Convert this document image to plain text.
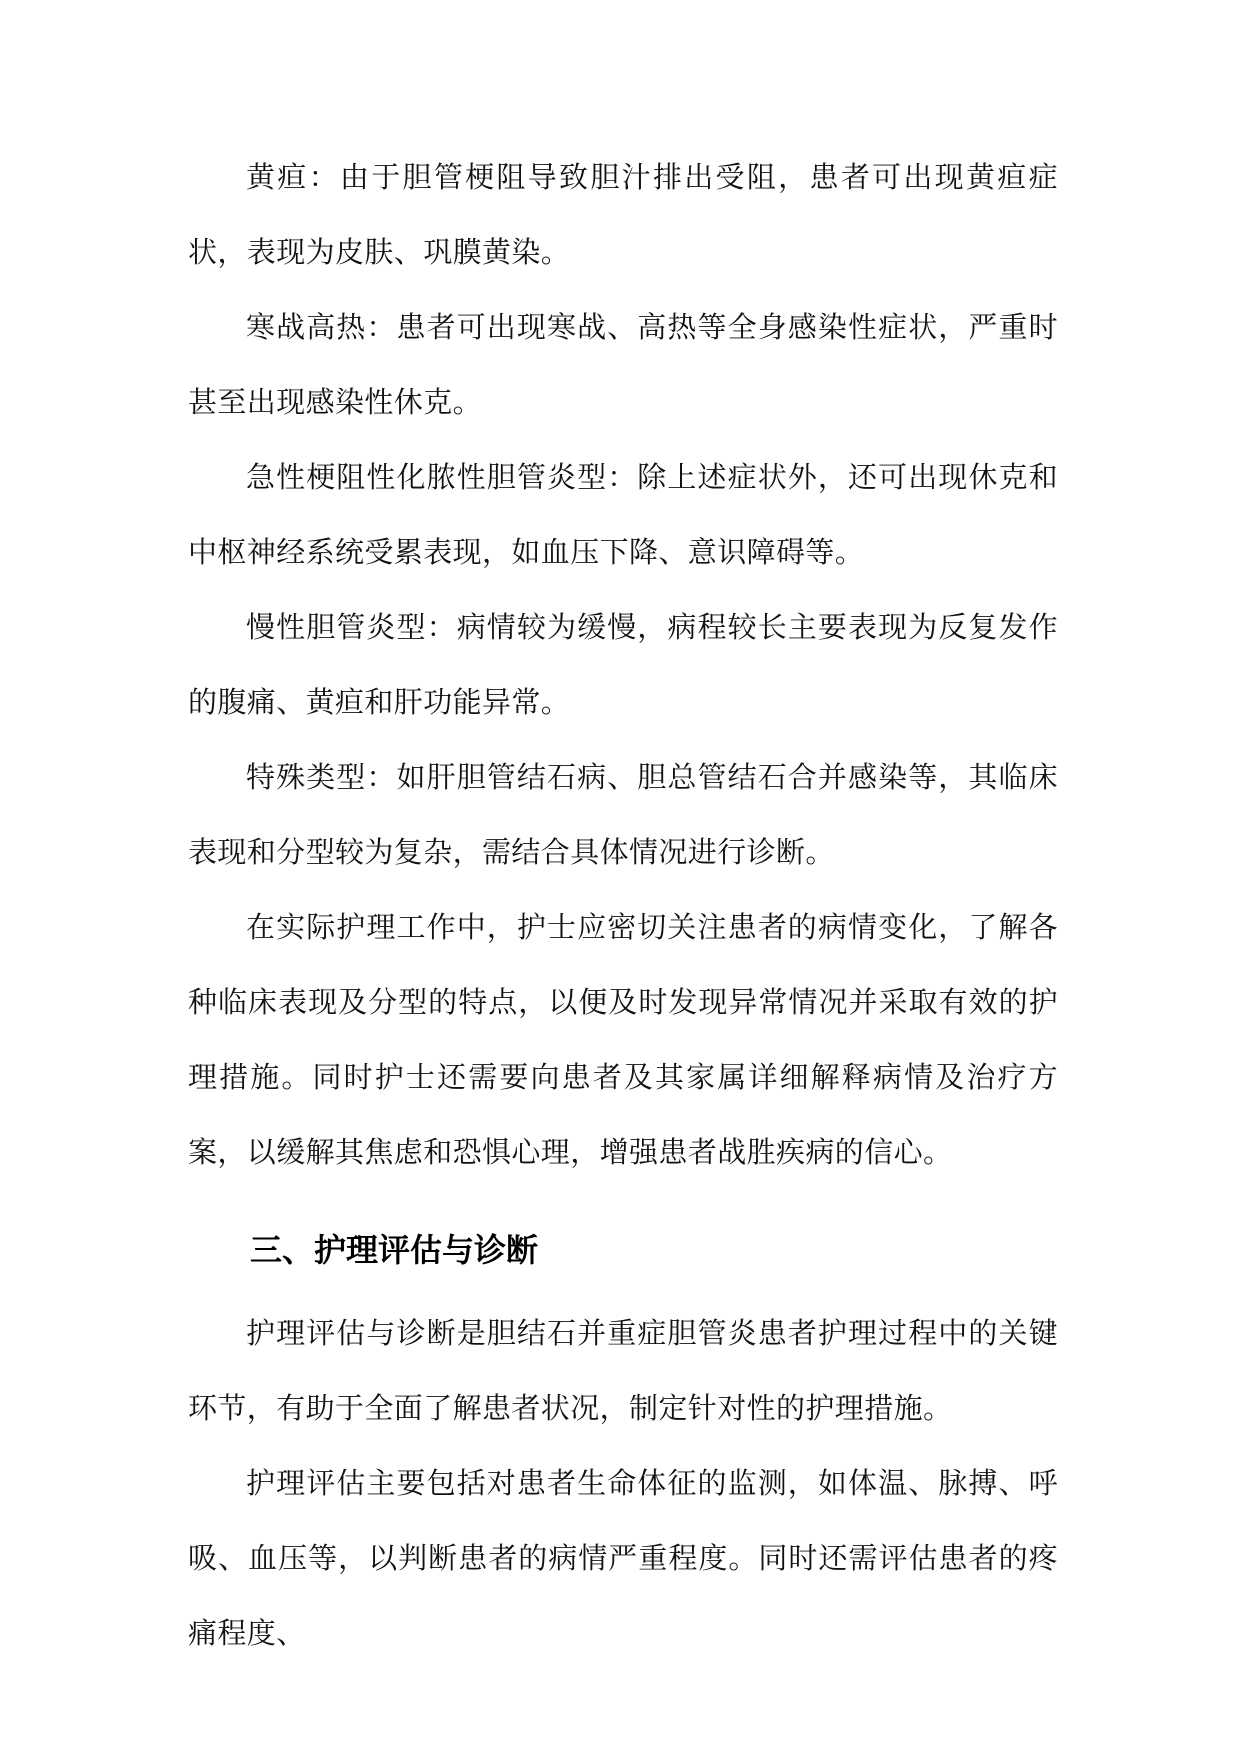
黄疸：由于胆管梗阻导致胆汁排出受阻，患者可出现黄疸症状，表现为皮肤、巩膜黄染。

寒战高热：患者可出现寒战、高热等全身感染性症状，严重时甚至出现感染性休克。

急性梗阻性化脓性胆管炎型：除上述症状外，还可出现休克和中枢神经系统受累表现，如血压下降、意识障碍等。

慢性胆管炎型：病情较为缓慢，病程较长主要表现为反复发作的腹痛、黄疸和肝功能异常。

特殊类型：如肝胆管结石病、胆总管结石合并感染等，其临床表现和分型较为复杂，需结合具体情况进行诊断。

在实际护理工作中，护士应密切关注患者的病情变化，了解各种临床表现及分型的特点，以便及时发现异常情况并采取有效的护理措施。同时护士还需要向患者及其家属详细解释病情及治疗方案，以缓解其焦虑和恐惧心理，增强患者战胜疾病的信心。

三、护理评估与诊断

护理评估与诊断是胆结石并重症胆管炎患者护理过程中的关键环节，有助于全面了解患者状况，制定针对性的护理措施。

护理评估主要包括对患者生命体征的监测，如体温、脉搏、呼吸、血压等，以判断患者的病情严重程度。同时还需评估患者的疼痛程度、
